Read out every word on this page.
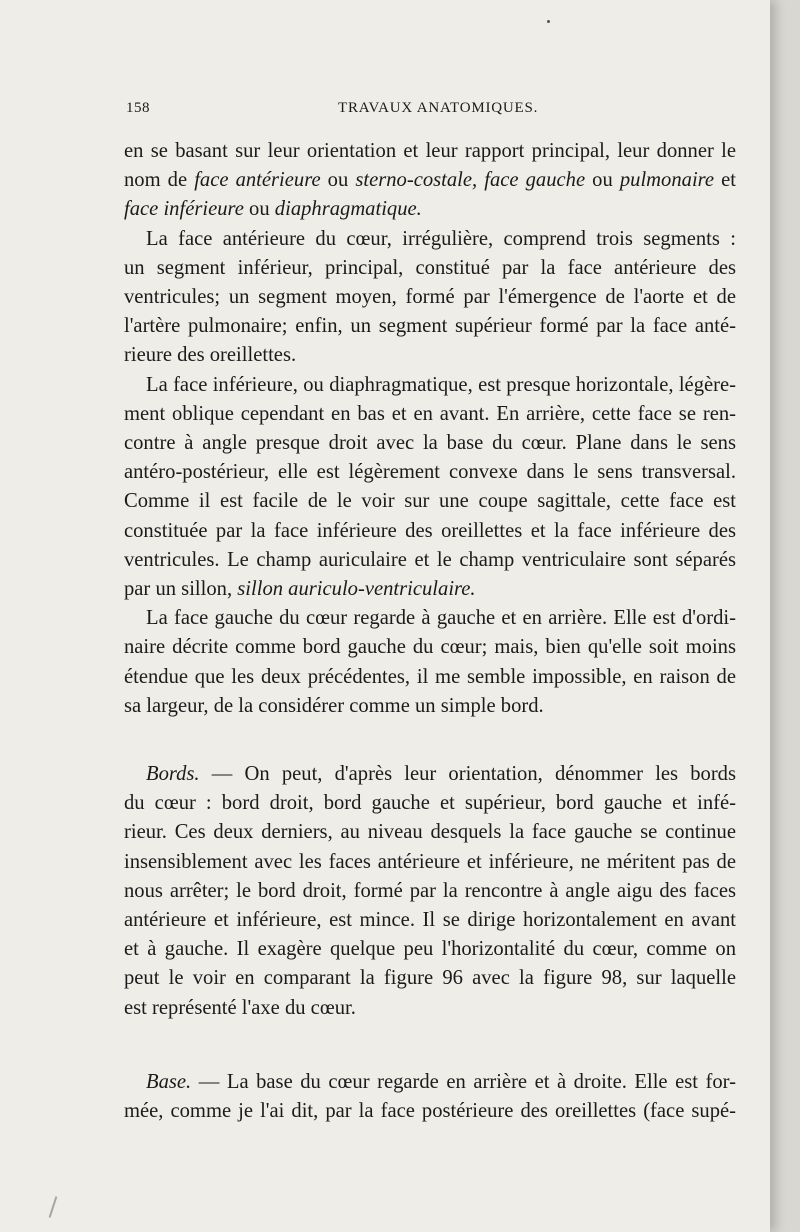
158	TRAVAUX ANATOMIQUES.

en se basant sur leur orientation et leur rapport principal, leur donner le
nom de face antérieure ou sterno-costale, face gauche ou pulmonaire et
face inférieure ou diaphragmatique.

La face antérieure du cœur, irrégulière, comprend trois segments :
un segment inférieur, principal, constitué par la face antérieure des
ventricules; un segment moyen, formé par l'émergence de l'aorte et de
l'artère pulmonaire; enfin, un segment supérieur formé par la face anté-
rieure des oreillettes.

La face inférieure, ou diaphragmatique, est presque horizontale, légère-
ment oblique cependant en bas et en avant. En arrière, cette face se ren-
contre à angle presque droit avec la base du cœur. Plane dans le sens
antéro-postérieur, elle est légèrement convexe dans le sens transversal.
Comme il est facile de le voir sur une coupe sagittale, cette face est
constituée par la face inférieure des oreillettes et la face inférieure des
ventricules. Le champ auriculaire et le champ ventriculaire sont séparés
par un sillon, sillon auriculo-ventriculaire.

La face gauche du cœur regarde à gauche et en arrière. Elle est d'ordi-
naire décrite comme bord gauche du cœur; mais, bien qu'elle soit moins
étendue que les deux précédentes, il me semble impossible, en raison de
sa largeur, de la considérer comme un simple bord.

Bords. — On peut, d'après leur orientation, dénommer les bords
du cœur : bord droit, bord gauche et supérieur, bord gauche et infé-
rieur. Ces deux derniers, au niveau desquels la face gauche se continue
insensiblement avec les faces antérieure et inférieure, ne méritent pas de
nous arrêter; le bord droit, formé par la rencontre à angle aigu des faces
antérieure et inférieure, est mince. Il se dirige horizontalement en avant
et à gauche. Il exagère quelque peu l'horizontalité du cœur, comme on
peut le voir en comparant la figure 96 avec la figure 98, sur laquelle
est représenté l'axe du cœur.

Base. — La base du cœur regarde en arrière et à droite. Elle est for-
mée, comme je l'ai dit, par la face postérieure des oreillettes (face supé-
